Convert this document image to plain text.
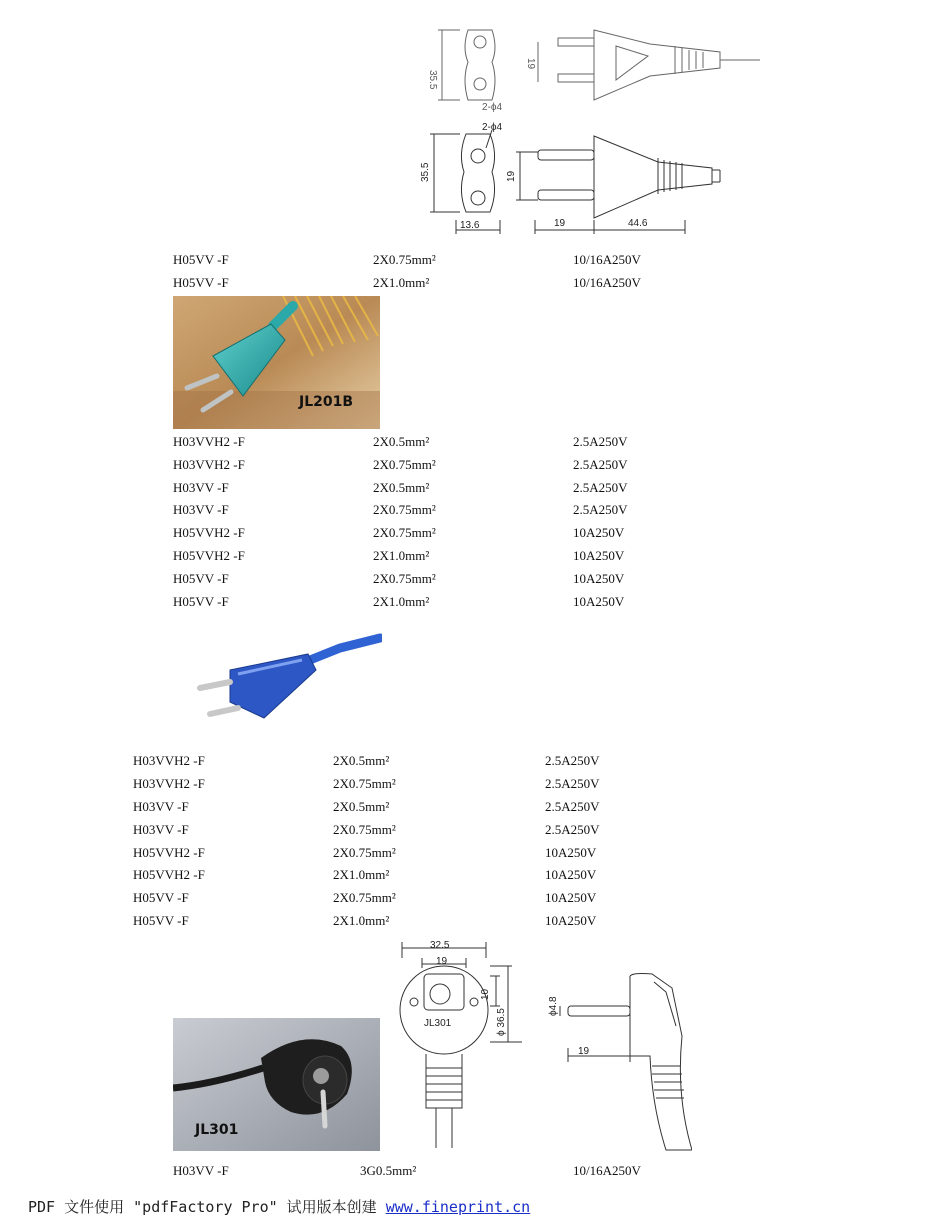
35.5
2-ϕ4
19
35.5
2-ϕ4
19
13.6	19	44.6
H05VV -F	2X0.75mm²	10/16A250V
H05VV -F	2X1.0mm²	10/16A250V
JL201B
H03VVH2 -F	2X0.5mm²	2.5A250V
H03VVH2 -F	2X0.75mm²	2.5A250V
H03VV -F	2X0.5mm²	2.5A250V
H03VV -F	2X0.75mm²	2.5A250V
H05VVH2 -F	2X0.75mm²	10A250V
H05VVH2 -F	2X1.0mm²	10A250V
H05VV -F	2X0.75mm²	10A250V
H05VV -F	2X1.0mm²	10A250V
H03VVH2 -F	2X0.5mm²	2.5A250V
H03VVH2 -F	2X0.75mm²	2.5A250V
H03VV -F	2X0.5mm²	2.5A250V
H03VV -F	2X0.75mm²	2.5A250V
H05VVH2 -F	2X0.75mm²	10A250V
H05VVH2 -F	2X1.0mm²	10A250V
H05VV -F	2X0.75mm²	10A250V
H05VV -F	2X1.0mm²	10A250V
JL301
32.5
19
10
ϕ 36.5
JL301
ϕ4.8
19
H03VV -F	3G0.5mm²	10/16A250V
PDF 文件使用 "pdfFactory Pro" 试用版本创建 www.fineprint.cn
